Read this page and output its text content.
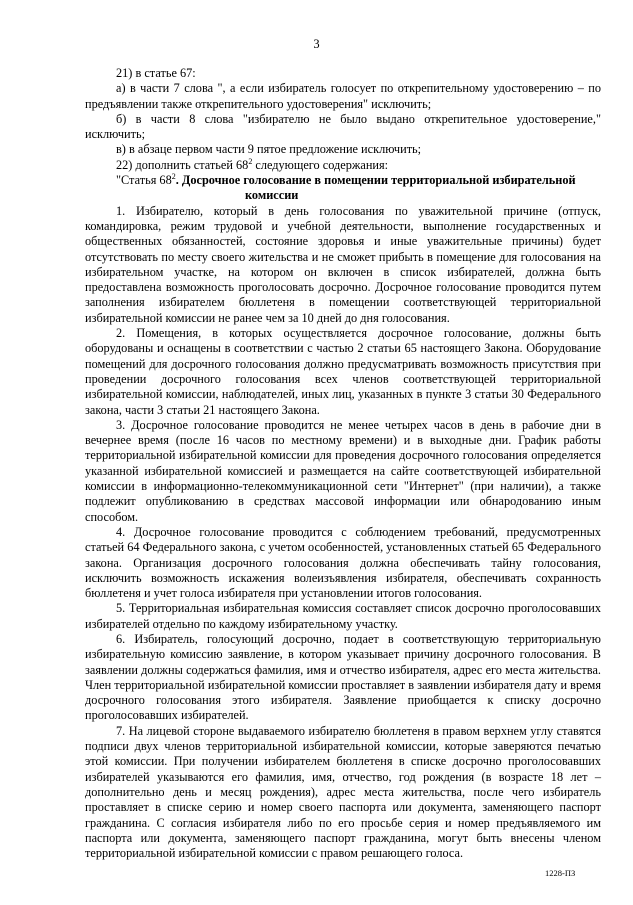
3

21) в статье 67:

а) в части 7 слова ", а если избиратель голосует по открепительному удостоверению – по предъявлении также открепительного удостоверения" исключить;

б) в части 8 слова "избирателю не было выдано открепительное удостоверение," исключить;

в) в абзаце первом части 9 пятое предложение исключить;

22) дополнить статьей $68^2$ следующего содержания:

"Статья $68^2$. Досрочное голосование в помещении территориальной избирательной

комиссии

1. Избирателю, который в день голосования по уважительной причине (отпуск, командировка, режим трудовой и учебной деятельности, выполнение государственных и общественных обязанностей, состояние здоровья и иные уважительные причины) будет отсутствовать по месту своего жительства и не сможет прибыть в помещение для голосования на избирательном участке, на котором он включен в список избирателей, должна быть предоставлена возможность проголосовать досрочно. Досрочное голосование проводится путем заполнения избирателем бюллетеня в помещении соответствующей территориальной избирательной комиссии не ранее чем за 10 дней до дня голосования.

2. Помещения, в которых осуществляется досрочное голосование, должны быть оборудованы и оснащены в соответствии с частью 2 статьи 65 настоящего Закона. Оборудование помещений для досрочного голосования должно предусматривать возможность присутствия при проведении досрочного голосования всех членов соответствующей территориальной избирательной комиссии, наблюдателей, иных лиц, указанных в пункте 3 статьи 30 Федерального закона, части 3 статьи 21 настоящего Закона.

3. Досрочное голосование проводится не менее четырех часов в день в рабочие дни в вечернее время (после 16 часов по местному времени) и в выходные дни. График работы территориальной избирательной комиссии для проведения досрочного голосования определяется указанной избирательной комиссией и размещается на сайте соответствующей избирательной комиссии в информационно-телекоммуникационной сети "Интернет" (при наличии), а также подлежит опубликованию в средствах массовой информации или обнародованию иным способом.

4. Досрочное голосование проводится с соблюдением требований, предусмотренных статьей 64 Федерального закона, с учетом особенностей, установленных статьей 65 Федерального закона. Организация досрочного голосования должна обеспечивать тайну голосования, исключить возможность искажения волеизъявления избирателя, обеспечивать сохранность бюллетеня и учет голоса избирателя при установлении итогов голосования.

5. Территориальная избирательная комиссия составляет список досрочно проголосовавших избирателей отдельно по каждому избирательному участку.

6. Избиратель, голосующий досрочно, подает в соответствующую территориальную избирательную комиссию заявление, в котором указывает причину досрочного голосования. В заявлении должны содержаться фамилия, имя и отчество избирателя, адрес его места жительства. Член территориальной избирательной комиссии проставляет в заявлении избирателя дату и время досрочного голосования этого избирателя. Заявление приобщается к списку досрочно проголосовавших избирателей.

7. На лицевой стороне выдаваемого избирателю бюллетеня в правом верхнем углу ставятся подписи двух членов территориальной избирательной комиссии, которые заверяются печатью этой комиссии. При получении избирателем бюллетеня в списке досрочно проголосовавших избирателей указываются его фамилия, имя, отчество, год рождения (в возрасте 18 лет – дополнительно день и месяц рождения), адрес места жительства, после чего избиратель проставляет в списке серию и номер своего паспорта или документа, заменяющего паспорт гражданина. С согласия избирателя либо по его просьбе серия и номер предъявляемого им паспорта или документа, заменяющего паспорт гражданина, могут быть внесены членом территориальной избирательной комиссии с правом решающего голоса.

1228-ПЗ
